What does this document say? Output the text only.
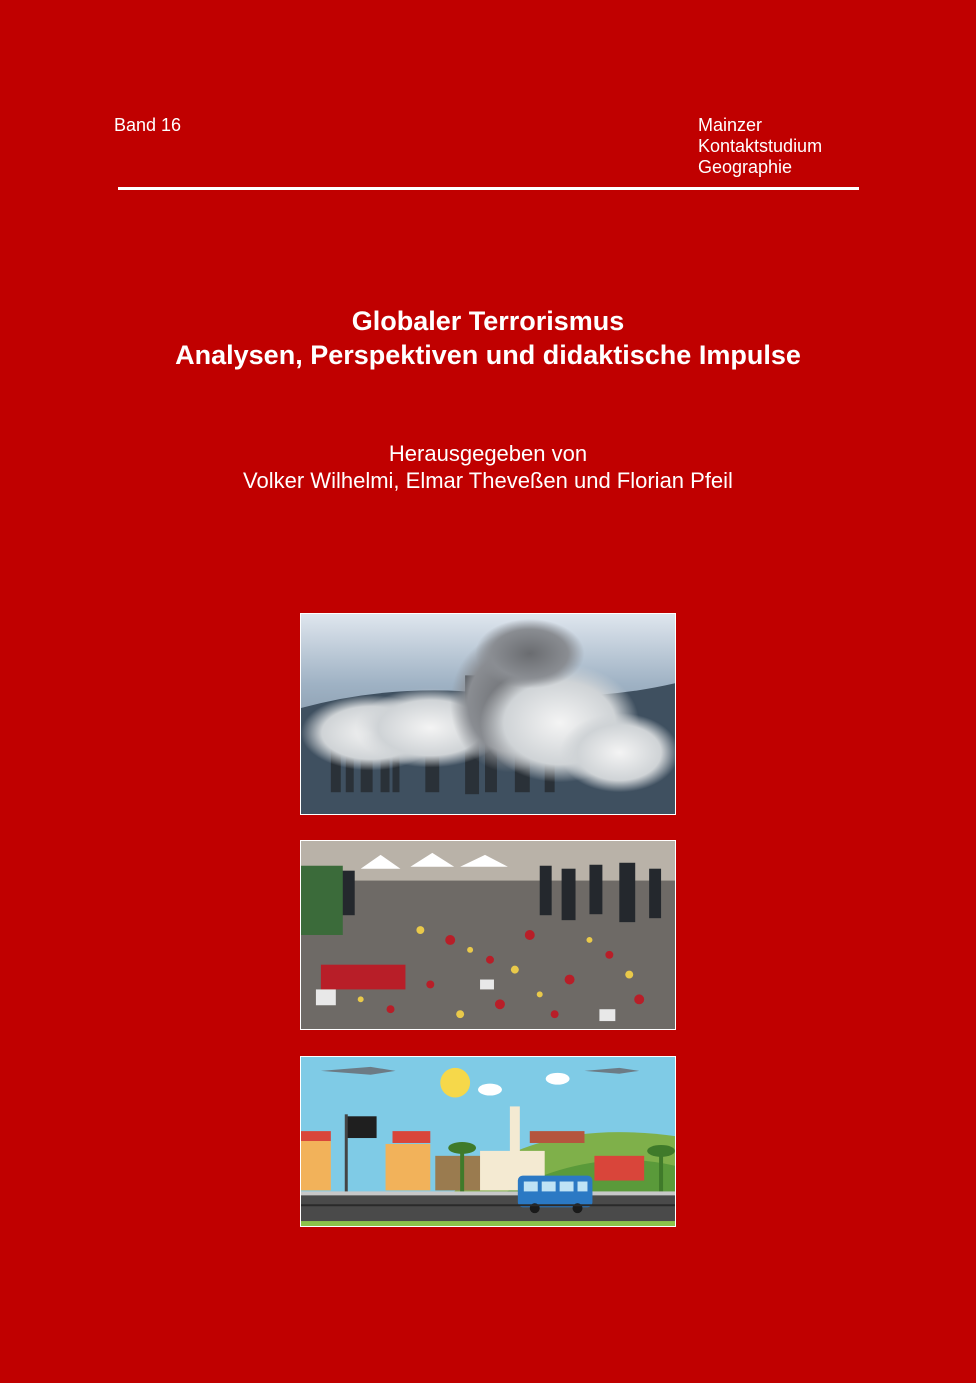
Band 16	Mainzer
Kontaktstudium
Geographie
Globaler Terrorismus
Analysen, Perspektiven und didaktische Impulse
Herausgegeben von
Volker Wilhelmi, Elmar Theveßen und Florian Pfeil
